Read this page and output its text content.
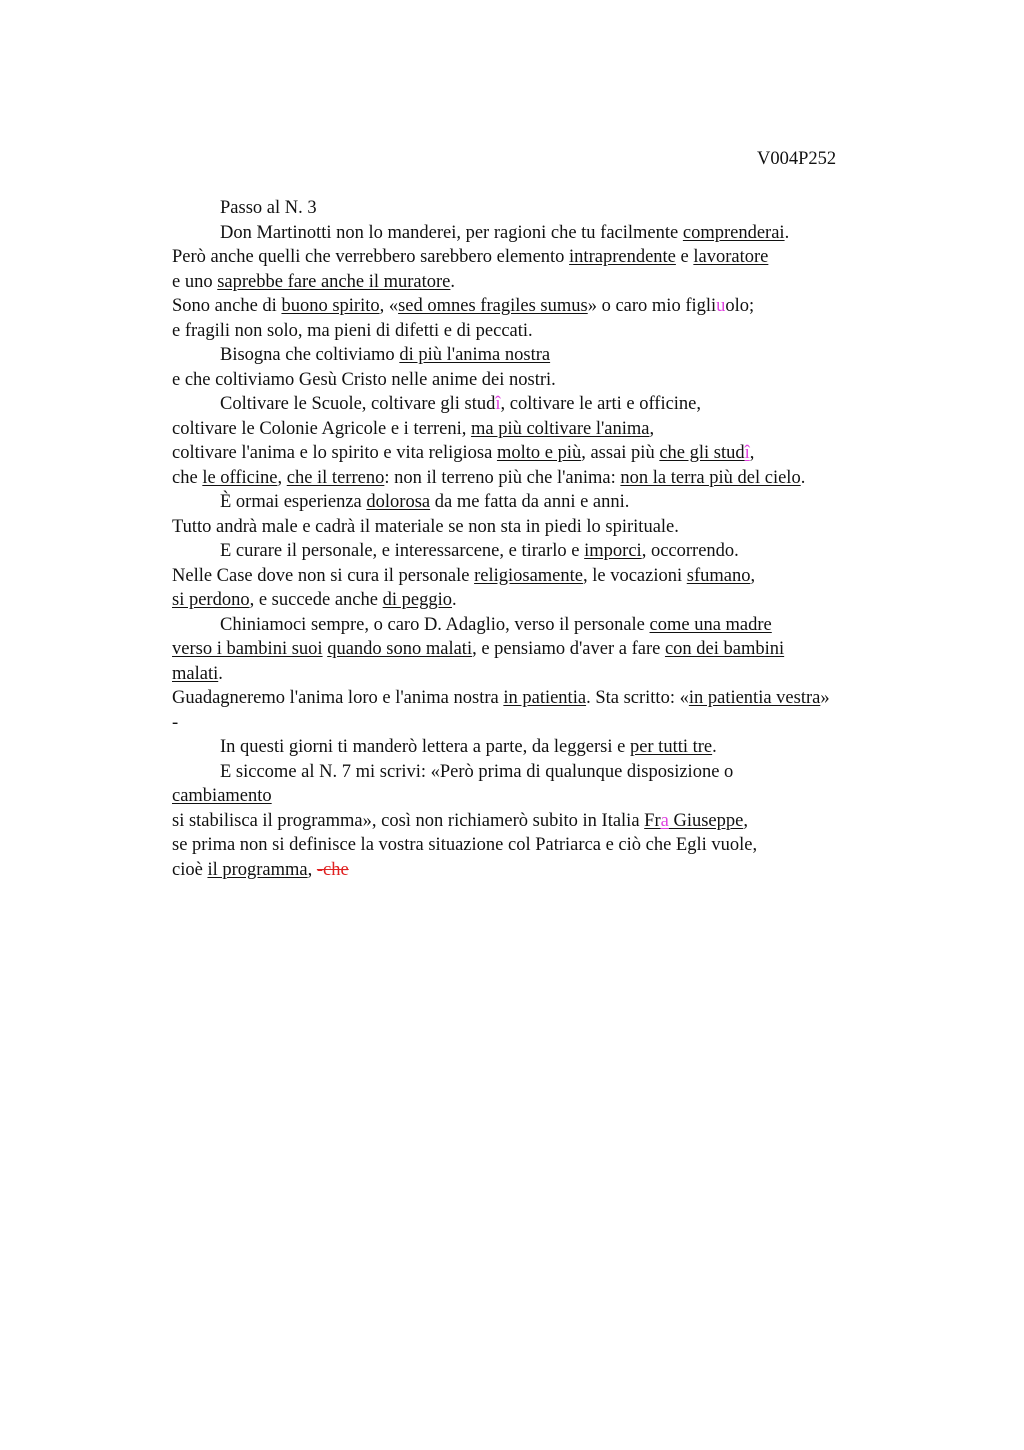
V004P252
Passo al N. 3
Don Martinotti non lo manderei, per ragioni che tu facilmente comprenderai.
Però anche quelli che verrebbero sarebbero elemento intraprendente e lavoratore
e uno saprebbe fare anche il muratore.
Sono anche di buono spirito, «sed omnes fragiles sumus» o caro mio figliuolo;
e fragili non solo, ma pieni di difetti e di peccati.
Bisogna che coltiviamo di più l'anima nostra
e che coltiviamo Gesù Cristo nelle anime dei nostri.
Coltivare le Scuole, coltivare gli studî, coltivare le arti e officine,
coltivare le Colonie Agricole e i terreni, ma più coltivare l'anima,
coltivare l'anima e lo spirito e vita religiosa molto e più, assai più che gli studî,
che le officine, che il terreno: non il terreno più che l'anima: non la terra più del cielo.
È ormai esperienza dolorosa da me fatta da anni e anni.
Tutto andrà male e cadrà il materiale se non sta in piedi lo spirituale.
E curare il personale, e interessarcene, e tirarlo e imporci, occorrendo.
Nelle Case dove non si cura il personale religiosamente, le vocazioni sfumano,
si perdono, e succede anche di peggio.
Chiniamoci sempre, o caro D. Adaglio, verso il personale come una madre
verso i bambini suoi quando sono malati, e pensiamo d'aver a fare con dei bambini
malati.
Guadagneremo l'anima loro e l'anima nostra in patientia. Sta scritto: «in patientia vestra»
-
In questi giorni ti manderò lettera a parte, da leggersi e per tutti tre.
E siccome al N. 7 mi scrivi: «Però prima di qualunque disposizione o
cambiamento
si stabilisca il programma», così non richiamerò subito in Italia Fra Giuseppe,
se prima non si definisce la vostra situazione col Patriarca e ciò che Egli vuole,
cioè il programma, -che
